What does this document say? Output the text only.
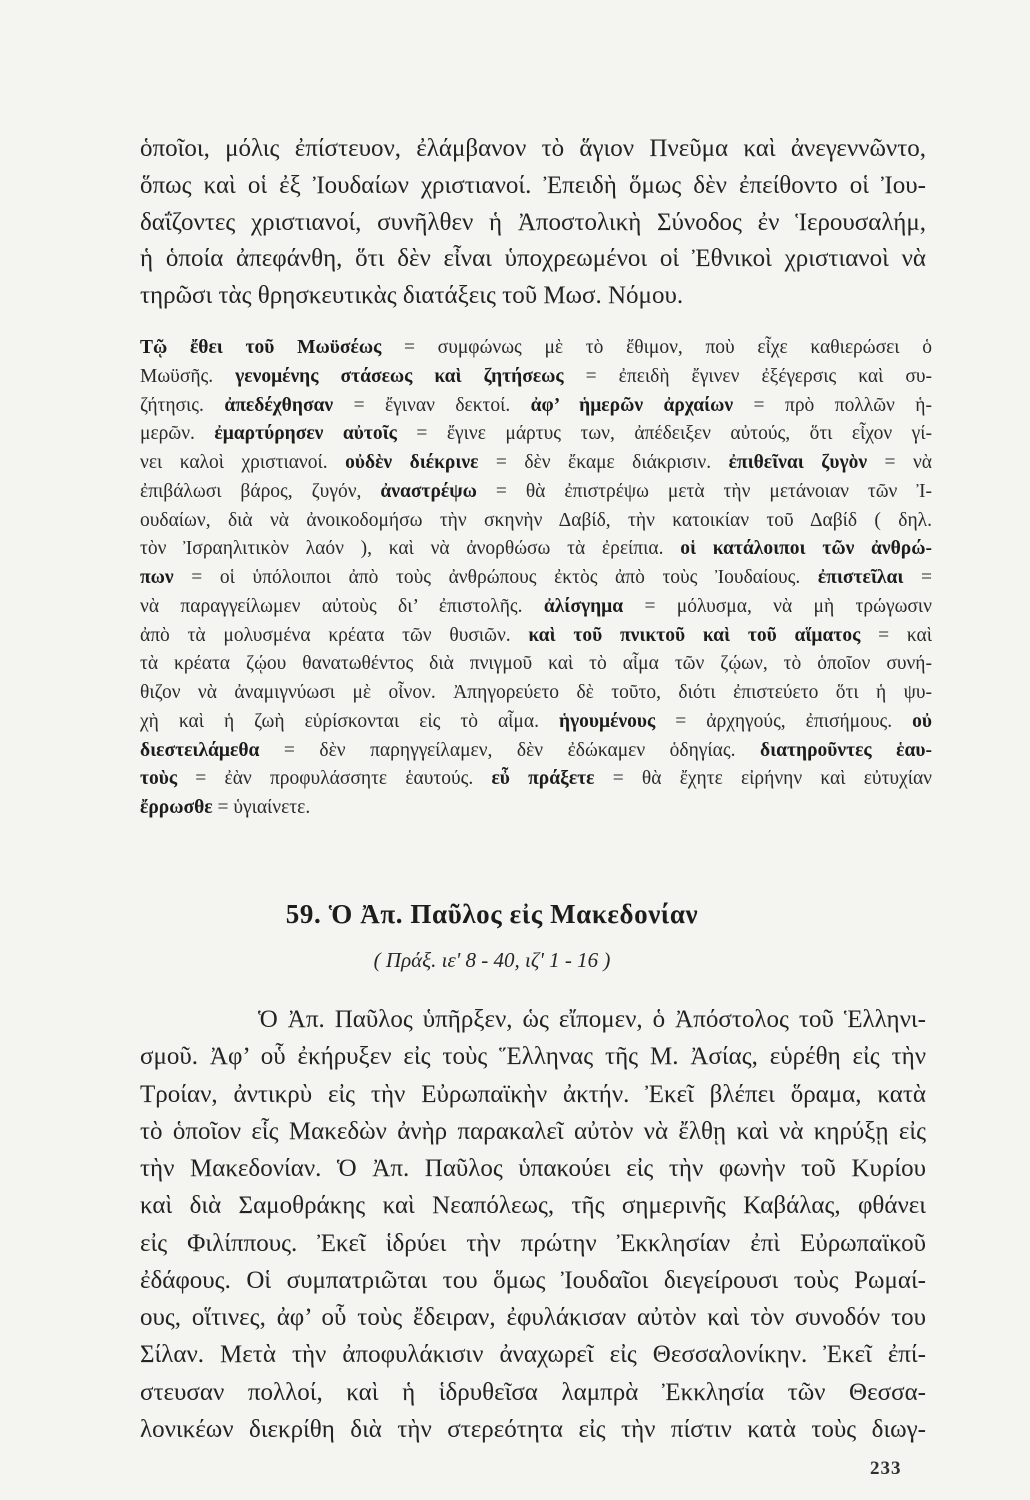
ὁποῖοι, μόλις ἐπίστευον, ἐλάμβανον τὸ ἅγιον Πνεῦμα καὶ ἀνεγεννῶντο,
ὅπως καὶ οἱ ἐξ Ἰουδαίων χριστιανοί. Ἐπειδὴ ὅμως δὲν ἐπείθοντο οἱ Ἰου-
δαΐζοντες χριστιανοί, συνῆλθεν ἡ Ἀποστολικὴ Σύνοδος ἐν Ἱερουσαλήμ,
ἡ ὁποία ἀπεφάνθη, ὅτι δὲν εἶναι ὑποχρεωμένοι οἱ Ἐθνικοὶ χριστιανοὶ νὰ
τηρῶσι τὰς θρησκευτικὰς διατάξεις τοῦ Μωσ. Νόμου.
Τῷ ἔθει τοῦ Μωϋσέως = συμφώνως μὲ τὸ ἔθιμον, ποὺ εἶχε καθιερώσει ὁ
Μωϋσῆς. γενομένης στάσεως καὶ ζητήσεως = ἐπειδὴ ἔγινεν ἐξέγερσις καὶ συ-
ζήτησις. ἀπεδέχθησαν = ἔγιναν δεκτοί. ἀφ’ ἡμερῶν ἀρχαίων = πρὸ πολλῶν ἡ-
μερῶν. ἐμαρτύρησεν αὐτοῖς = ἔγινε μάρτυς των, ἀπέδειξεν αὐτούς, ὅτι εἶχον γί-
νει καλοὶ χριστιανοί. οὐδὲν διέκρινε = δὲν ἔκαμε διάκρισιν. ἐπιθεῖναι ζυγὸν = νὰ
ἐπιβάλωσι βάρος, ζυγόν, ἀναστρέψω = θὰ ἐπιστρέψω μετὰ τὴν μετάνοιαν τῶν Ἰ-
ουδαίων, διὰ νὰ ἀνοικοδομήσω τὴν σκηνὴν Δαβίδ, τὴν κατοικίαν τοῦ Δαβίδ ( δηλ.
τὸν Ἰσραηλιτικὸν λαόν ), καὶ νὰ ἀνορθώσω τὰ ἐρείπια. οἱ κατάλοιποι τῶν ἀνθρώ-
πων = οἱ ὑπόλοιποι ἀπὸ τοὺς ἀνθρώπους ἐκτὸς ἀπὸ τοὺς Ἰουδαίους. ἐπιστεῖλαι =
νὰ παραγγείλωμεν αὐτοὺς δι’ ἐπιστολῆς. ἀλίσγημα = μόλυσμα, νὰ μὴ τρώγωσιν
ἀπὸ τὰ μολυσμένα κρέατα τῶν θυσιῶν. καὶ τοῦ πνικτοῦ καὶ τοῦ αἵματος = καὶ
τὰ κρέατα ζῴου θανατωθέντος διὰ πνιγμοῦ καὶ τὸ αἷμα τῶν ζῴων, τὸ ὁποῖον συνή-
θιζον νὰ ἀναμιγνύωσι μὲ οἶνον. Ἀπηγορεύετο δὲ τοῦτο, διότι ἐπιστεύετο ὅτι ἡ ψυ-
χὴ καὶ ἡ ζωὴ εὑρίσκονται εἰς τὸ αἷμα. ἡγουμένους = ἀρχηγούς, ἐπισήμους. οὐ
διεστειλάμεθα = δὲν παρηγγείλαμεν, δὲν ἐδώκαμεν ὁδηγίας. διατηροῦντες ἑαυ-
τοὺς = ἐὰν προφυλάσσητε ἑαυτούς. εὖ πράξετε = θὰ ἔχητε εἰρήνην καὶ εὐτυχίαν
ἔρρωσθε = ὑγιαίνετε.
59. Ὁ Ἀπ. Παῦλος εἰς Μακεδονίαν
( Πράξ. ιε' 8 - 40, ιζ' 1 - 16 )
Ὁ Ἀπ. Παῦλος ὑπῆρξεν, ὡς εἴπομεν, ὁ Ἀπόστολος τοῦ Ἑλληνι-
σμοῦ. Ἀφ’ οὗ ἐκήρυξεν εἰς τοὺς Ἕλληνας τῆς Μ. Ἀσίας, εὑρέθη εἰς τὴν
Τροίαν, ἀντικρὺ εἰς τὴν Εὐρωπαϊκὴν ἀκτήν. Ἐκεῖ βλέπει ὅραμα, κατὰ
τὸ ὁποῖον εἷς Μακεδὼν ἀνὴρ παρακαλεῖ αὐτὸν νὰ ἔλθῃ καὶ νὰ κηρύξῃ εἰς
τὴν Μακεδονίαν. Ὁ Ἀπ. Παῦλος ὑπακούει εἰς τὴν φωνὴν τοῦ Κυρίου
καὶ διὰ Σαμοθράκης καὶ Νεαπόλεως, τῆς σημερινῆς Καβάλας, φθάνει
εἰς Φιλίππους. Ἐκεῖ ἱδρύει τὴν πρώτην Ἐκκλησίαν ἐπὶ Εὐρωπαϊκοῦ
ἐδάφους. Οἱ συμπατριῶται του ὅμως Ἰουδαῖοι διεγείρουσι τοὺς Ρωμαί-
ους, οἵτινες, ἀφ’ οὗ τοὺς ἔδειραν, ἐφυλάκισαν αὐτὸν καὶ τὸν συνοδόν του
Σίλαν. Μετὰ τὴν ἀποφυλάκισιν ἀναχωρεῖ εἰς Θεσσαλονίκην. Ἐκεῖ ἐπί-
στευσαν πολλοί, καὶ ἡ ἱδρυθεῖσα λαμπρὰ Ἐκκλησία τῶν Θεσσα-
λονικέων διεκρίθη διὰ τὴν στερεότητα εἰς τὴν πίστιν κατὰ τοὺς διωγ-
233
